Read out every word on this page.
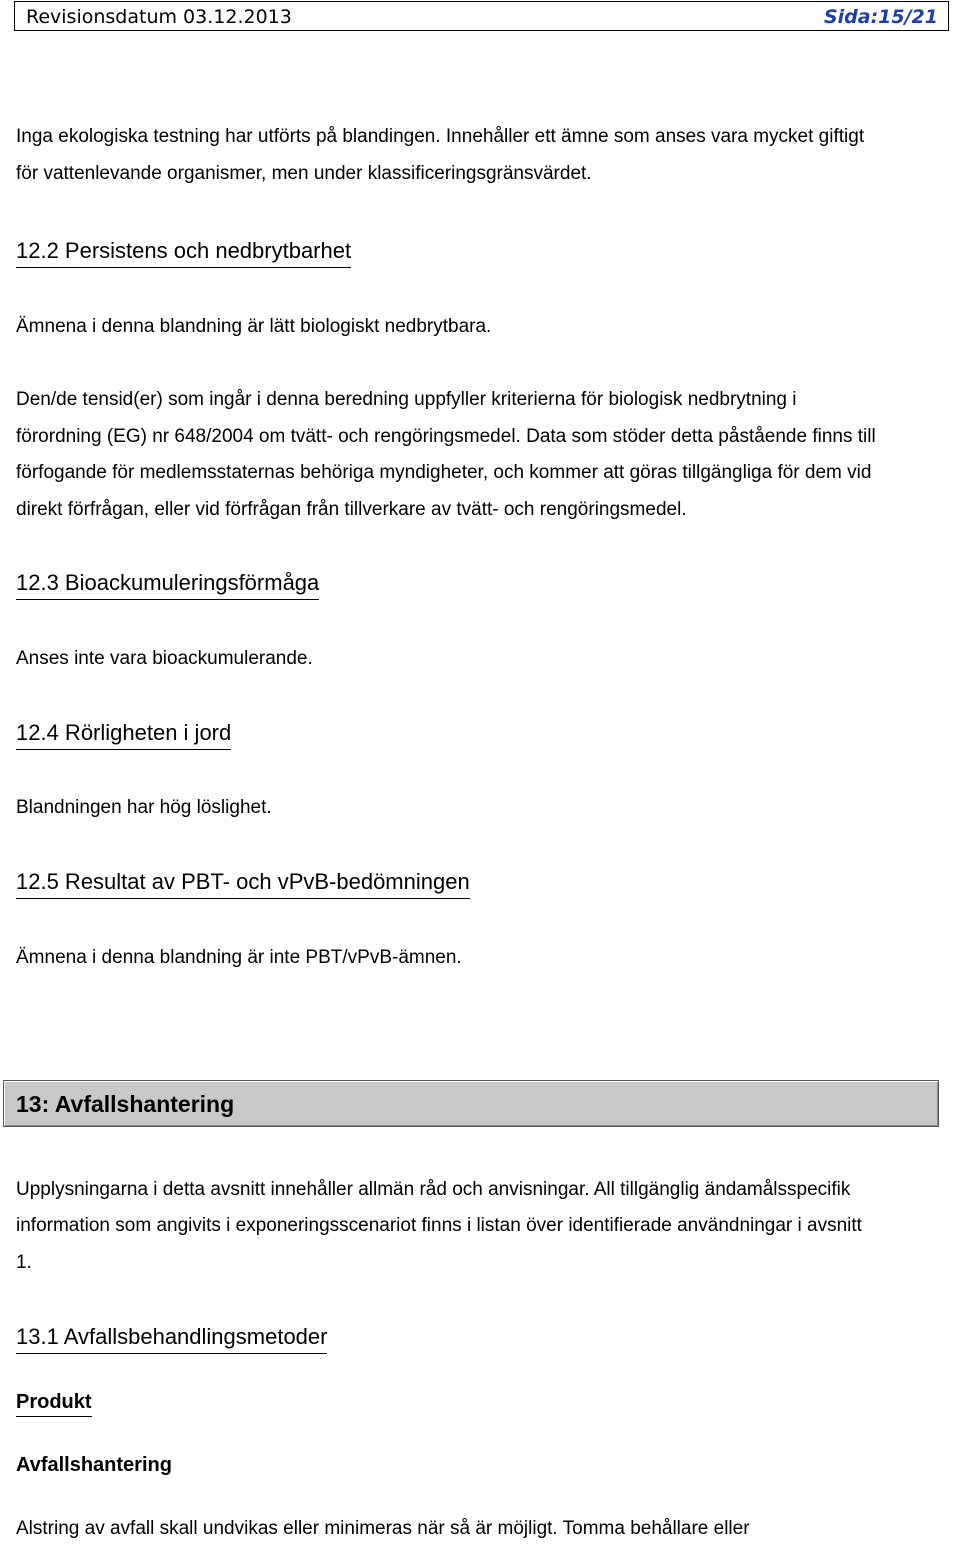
Revisionsdatum 03.12.2013	Sida:15/21
Inga ekologiska testning har utförts på blandingen. Innehåller ett ämne som anses vara mycket giftigt
för vattenlevande organismer, men under klassificeringsgränsvärdet.
12.2 Persistens och nedbrytbarhet
Ämnena i denna blandning är lätt biologiskt nedbrytbara.
Den/de tensid(er) som ingår i denna beredning uppfyller kriterierna för biologisk nedbrytning i
förordning (EG) nr 648/2004 om tvätt- och rengöringsmedel. Data som stöder detta påstående finns till
förfogande för medlemsstaternas behöriga myndigheter, och kommer att göras tillgängliga för dem vid
direkt förfrågan, eller vid förfrågan från tillverkare av tvätt- och rengöringsmedel.
12.3 Bioackumuleringsförmåga
Anses inte vara bioackumulerande.
12.4 Rörligheten i jord
Blandningen har hög löslighet.
12.5 Resultat av PBT- och vPvB-bedömningen
Ämnena i denna blandning är inte PBT/vPvB-ämnen.
13: Avfallshantering
Upplysningarna i detta avsnitt innehåller allmän råd och anvisningar. All tillgänglig ändamålsspecifik
information som angivits i exponeringsscenariot finns i listan över identifierade användningar i avsnitt
1.
13.1 Avfallsbehandlingsmetoder
Produkt
Avfallshantering
Alstring av avfall skall undvikas eller minimeras när så är möjligt. Tomma behållare eller
